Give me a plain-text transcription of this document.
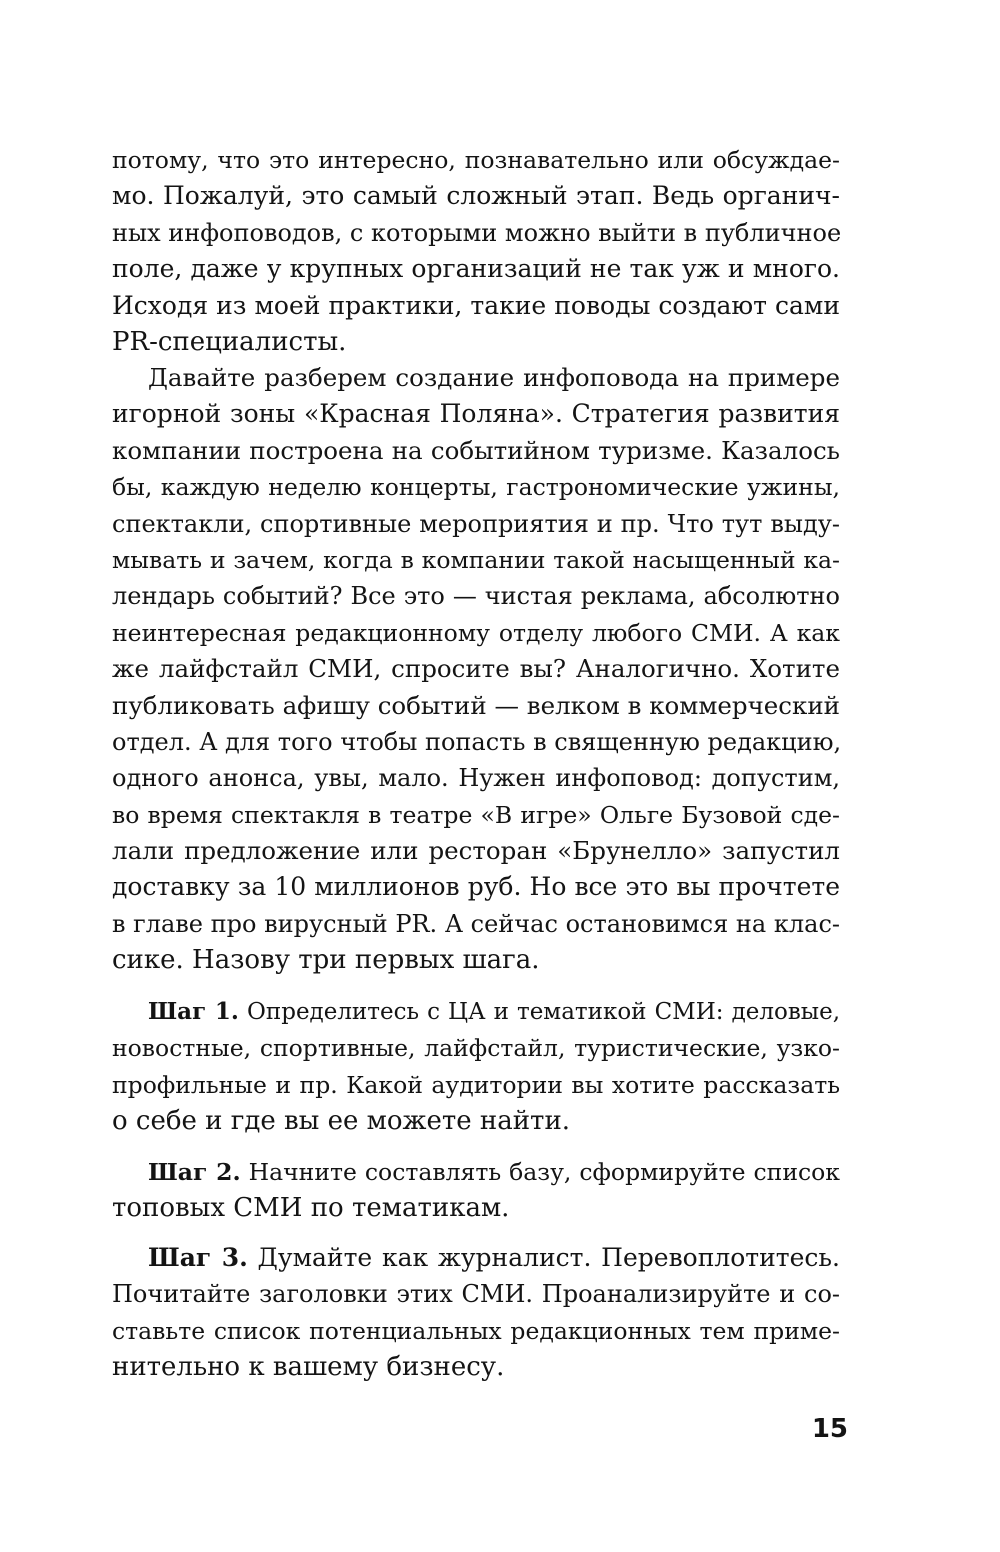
потому, что это интересно, познавательно или обсуждае-
мо. Пожалуй, это самый сложный этап. Ведь органич-
ных инфоповодов, с которыми можно выйти в публичное
поле, даже у крупных организаций не так уж и много.
Исходя из моей практики, такие поводы создают сами
PR-специалисты.
Давайте разберем создание инфоповода на примере
игорной зоны «Красная Поляна». Стратегия развития
компании построена на событийном туризме. Казалось
бы, каждую неделю концерты, гастрономические ужины,
спектакли, спортивные мероприятия и пр. Что тут выду-
мывать и зачем, когда в компании такой насыщенный ка-
лендарь событий? Все это — чистая реклама, абсолютно
неинтересная редакционному отделу любого СМИ. А как
же лайфстайл СМИ, спросите вы? Аналогично. Хотите
публиковать афишу событий — велком в коммерческий
отдел. А для того чтобы попасть в священную редакцию,
одного анонса, увы, мало. Нужен инфоповод: допустим,
во время спектакля в театре «В игре» Ольге Бузовой сде-
лали предложение или ресторан «Брунелло» запустил
доставку за 10 миллионов руб. Но все это вы прочтете
в главе про вирусный PR. А сейчас остановимся на клас-
сике. Назову три первых шага.
Шаг 1. Определитесь с ЦА и тематикой СМИ: деловые,
новостные, спортивные, лайфстайл, туристические, узко-
профильные и пр. Какой аудитории вы хотите рассказать
о себе и где вы ее можете найти.
Шаг 2. Начните составлять базу, сформируйте список
топовых СМИ по тематикам.
Шаг 3. Думайте как журналист. Перевоплотитесь.
Почитайте заголовки этих СМИ. Проанализируйте и со-
ставьте список потенциальных редакционных тем приме-
нительно к вашему бизнесу.
15
